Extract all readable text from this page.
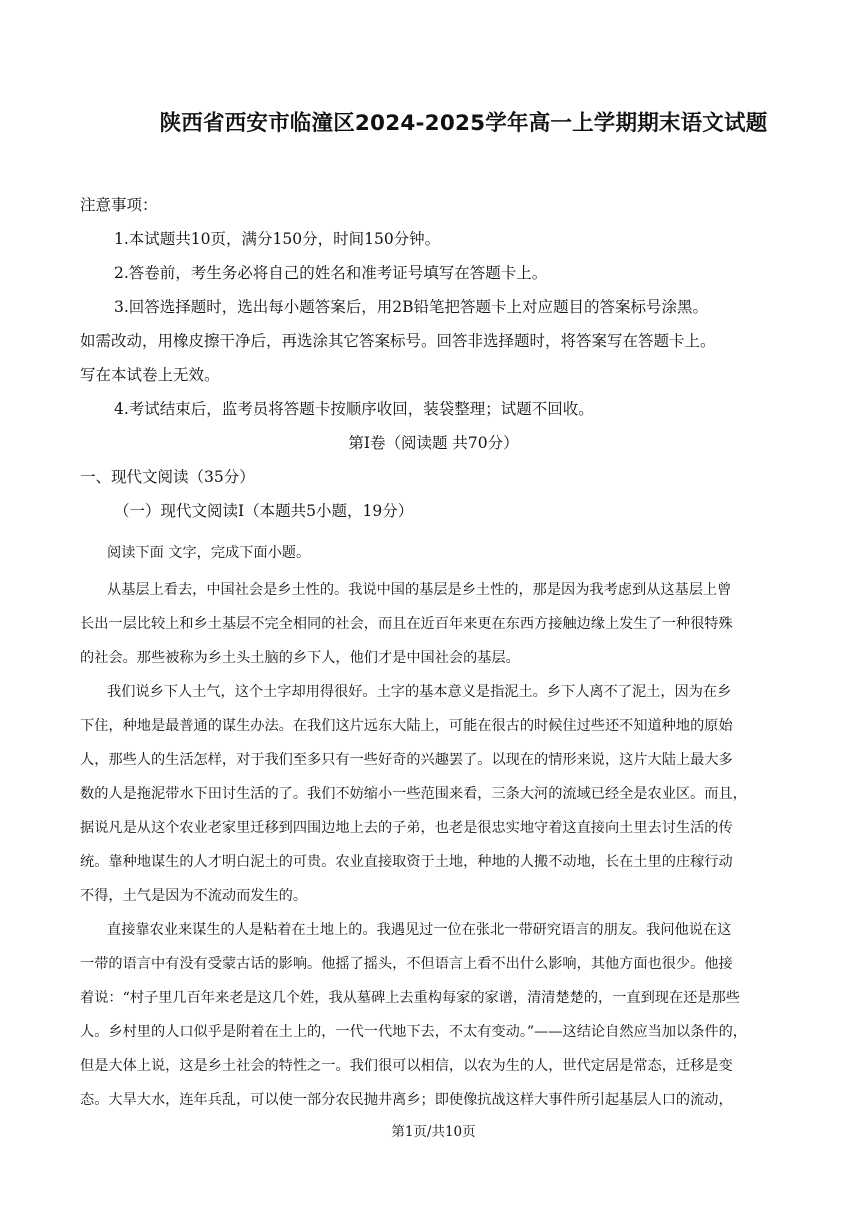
陕西省西安市临潼区2024-2025学年高一上学期期末语文试题
注意事项：
1.本试题共10页，满分150分，时间150分钟。
2.答卷前，考生务必将自己的姓名和准考证号填写在答题卡上。
3.回答选择题时，选出每小题答案后，用2B铅笔把答题卡上对应题目的答案标号涂黑。
如需改动，用橡皮擦干净后，再选涂其它答案标号。回答非选择题时，将答案写在答题卡上。
写在本试卷上无效。
4.考试结束后，监考员将答题卡按顺序收回，装袋整理；试题不回收。
第Ⅰ卷（阅读题 共70分）
一、现代文阅读（35分）
（一）现代文阅读Ⅰ（本题共5小题，19分）
阅读下面 文字，完成下面小题。
从基层上看去，中国社会是乡土性的。我说中国的基层是乡土性的，那是因为我考虑到从这基层上曾
长出一层比较上和乡土基层不完全相同的社会，而且在近百年来更在东西方接触边缘上发生了一种很特殊
的社会。那些被称为乡土头土脑的乡下人，他们才是中国社会的基层。
我们说乡下人土气，这个土字却用得很好。土字的基本意义是指泥土。乡下人离不了泥土，因为在乡
下住，种地是最普通的谋生办法。在我们这片远东大陆上，可能在很古的时候住过些还不知道种地的原始
人，那些人的生活怎样，对于我们至多只有一些好奇的兴趣罢了。以现在的情形来说，这片大陆上最大多
数的人是拖泥带水下田讨生活的了。我们不妨缩小一些范围来看，三条大河的流域已经全是农业区。而且，
据说凡是从这个农业老家里迁移到四围边地上去的子弟，也老是很忠实地守着这直接向土里去讨生活的传
统。靠种地谋生的人才明白泥土的可贵。农业直接取资于土地，种地的人搬不动地，长在土里的庄稼行动
不得，土气是因为不流动而发生的。
直接靠农业来谋生的人是粘着在土地上的。我遇见过一位在张北一带研究语言的朋友。我问他说在这
一带的语言中有没有受蒙古话的影响。他摇了摇头，不但语言上看不出什么影响，其他方面也很少。他接
着说：“村子里几百年来老是这几个姓，我从墓碑上去重构每家的家谱，清清楚楚的，一直到现在还是那些
人。乡村里的人口似乎是附着在土上的，一代一代地下去，不太有变动。”——这结论自然应当加以条件的，
但是大体上说，这是乡土社会的特性之一。我们很可以相信，以农为生的人，世代定居是常态，迁移是变
态。大旱大水，连年兵乱，可以使一部分农民抛井离乡；即使像抗战这样大事件所引起基层人口的流动，
第1页/共10页
